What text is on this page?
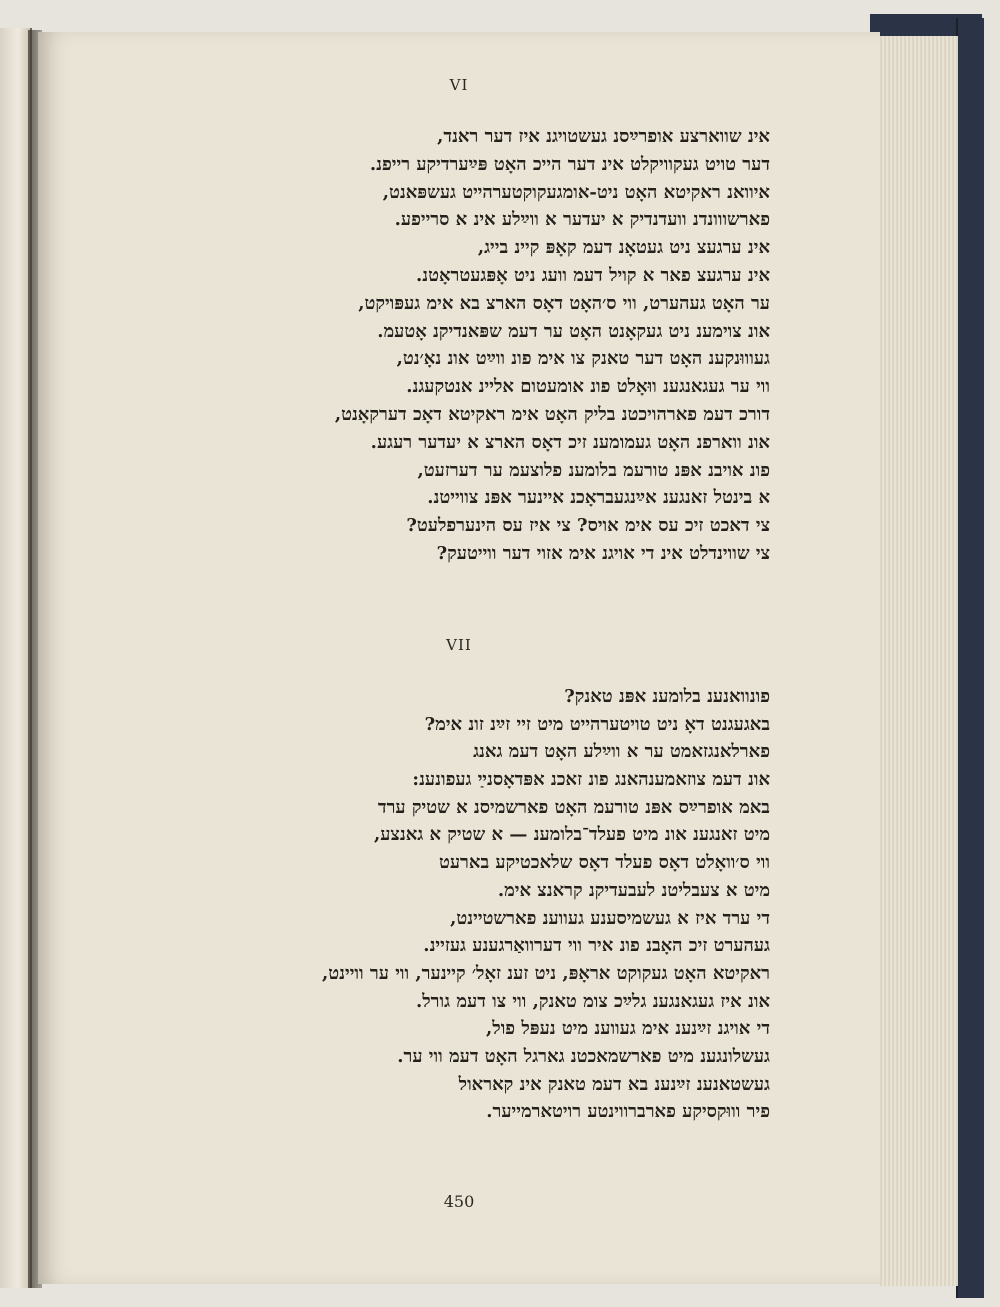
VI
אינ שווארצע אופרײַסנ געשטויגנ איז דער ראנד,
דער טויט געקוויקלט אינ דער הייכ האָט פּײַערדיקע רייפנ.
איוואנ ראקיטא האָט ניט-אומגעקוקטערהײט געשפּאנט,
פארשווונדנ וועדנדיק א יעדער א ווײַלע אינ א סרייפע.
אינ ערגעצ ניט געטאָנ דעמ קאָפּ קיינ בייג,
אינ ערגעצ פאר א קויל דעמ וועג ניט אָפּגעטראָטנ.
ער האָט געהערט, ווי ס׳האָט דאָס הארצ בא אימ געפּויקט,
אונ צוימענ ניט געקאָנט האָט ער דעמ שפּאנדיקנ אָטעמ.
געוווּנקענ האָט דער טאנק צו אימ פונ ווײַט אונ נאָ׳נט,
ווי ער געגאנגענ ווּאָלט פונ אומעטום אליינ אנטקעגנ.
דורכ דעמ פארהויכטנ בליק האָט אימ ראקיטא דאָכ דערקאָנט,
אונ ווארפנ האָט געמומענ זיכ דאָס הארצ א יעדער רעגע.
פונ אויבנ אפּנ טורעמ בלומענ פלוצעמ ער דערזעט,
א בינטל זאנגענ אײַנגעבראָכנ איינער אפּנ צווייטנ.
צי דאכט זיכ עס אימ אויס? צי איז עס הינערפלעט?
צי שווינדלט אינ די אויגנ אימ אזוי דער ווייטעק?
VII
פונוואנענ בלומענ אפּנ טאנק?
באגעגנט דאָ ניט טויטערהייט מיט זיי זײַנ זונ אימ?
פארלאנגזאמט ער א ווײַלע האָט דעמ גאנג
אונ דעמ צוזאמענהאנג פונ זאכנ אפּדאָסנײַ געפונענ:
באמ אופרײַס אפּנ טורעמ האָט פארשמיסנ א שטיק ערד
מיט זאנגענ אונ מיט פעלד־בלומענ — א שטיק א גאנצע,
ווי ס׳וואָלט דאָס פעלד דאָס שלאכטיקע בארעט
מיט א צעבליטנ לעבעדיקנ קראנצ אימ.
די ערד איז א געשמיסענע געווענ פארשטיינט,
געהערט זיכ האָבנ פונ איר ווי דערוואַרגענע געזיינ.
ראקיטא האָט געקוקט אראָפּ, ניט זענ זאָל׳ קיינער, ווי ער וויינט,
אונ איז געגאנגענ גלײַכ צומ טאנק, ווי צו דעמ גורל.
די אויגנ זײַנענ אימ געווענ מיט נעפּל פול,
געשלונגענ מיט פארשמאכטנ גארגל האָט דעמ ווי ער.
געשטאנענ זײַנענ בא דעמ טאנק אינ קאראול
פיר וווּקסיקע פארברווינטע רויטארמייער.
450
